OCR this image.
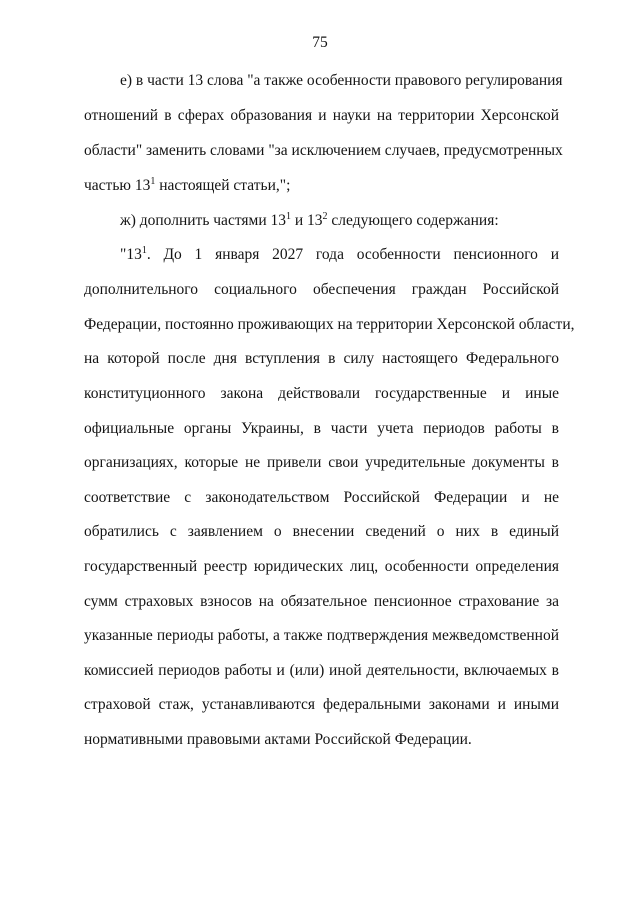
75
е) в части 13 слова "а также особенности правового регулирования
отношений в сферах образования и науки на территории Херсонской
области" заменить словами "за исключением случаев, предусмотренных
частью $13^1$ настоящей статьи,";
ж) дополнить частями $13^1$ и $13^2$ следующего содержания:
"$13^1$. До 1 января 2027 года особенности пенсионного и
дополнительного социального обеспечения граждан Российской
Федерации, постоянно проживающих на территории Херсонской области,
на которой после дня вступления в силу настоящего Федерального
конституционного закона действовали государственные и иные
официальные органы Украины, в части учета периодов работы в
организациях, которые не привели свои учредительные документы в
соответствие с законодательством Российской Федерации и не
обратились с заявлением о внесении сведений о них в единый
государственный реестр юридических лиц, особенности определения
сумм страховых взносов на обязательное пенсионное страхование за
указанные периоды работы, а также подтверждения межведомственной
комиссией периодов работы и (или) иной деятельности, включаемых в
страховой стаж, устанавливаются федеральными законами и иными
нормативными правовыми актами Российской Федерации.
